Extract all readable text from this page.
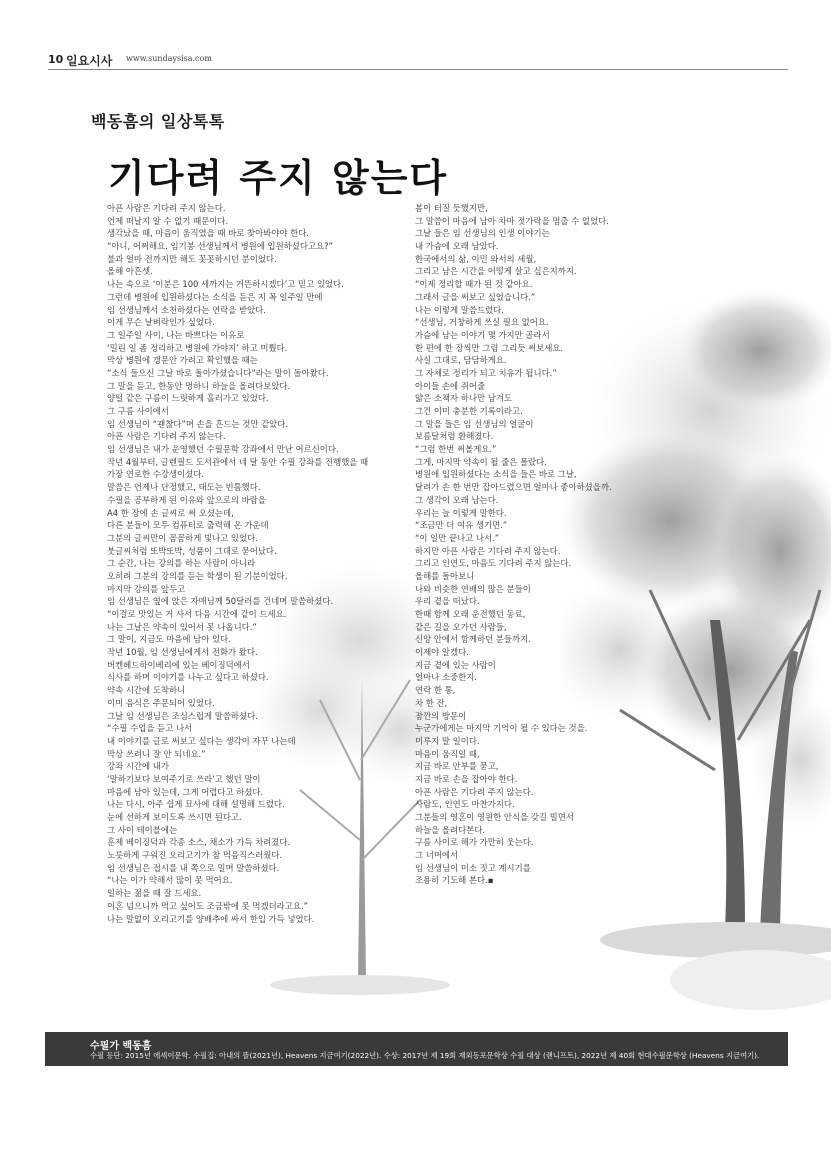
10 일요시사 www.sundaysisa.com
백동흠의 일상톡톡
기다려 주지 않는다
아픈 사람은 기다려 주지 않는다.
언제 떠날지 알 수 없기 때문이다.
생각났을 때, 마음이 움직였을 때 바로 찾아봐야야 한다.
“아니, 어쩌해요. 임기봉 선생님께서 병원에 입원하셨다고요?”
불과 얼마 전까지만 해도 꼿꼿하시던 분이었다.
올해 아흔셋.
나는 속으로 ‘이분은 100 세까지는 거뜬하시겠다’고 믿고 있었다.
그런데 병원에 입원하셨다는 소식을 듣은 지 꼭 일주일 만에
임 선생님께서 소천하셨다는 연락을 받았다.
이게 무슨 날벼락인가 싶었다.
그 일주일 사이, 나는 바쁘다는 이유로
‘밀린 일 좀 정리하고 병원에 가야지’ 하고 미뤘다.
막상 병원에 갱문안 가려고 확인했을 때는
“소식 들으신 그날 바로 돌아가셨습니다”라는 말이 돌아왔다.
그 말을 듣고, 한동안 멍하니 하늘을 올려다보았다.
양털 같은 구름이 느릿하게 흘러가고 있었다.
그 구름 사이에서
임 선생님이 “괜찮다”며 손을 흔드는 것만 같았다.
아픈 사람은 기다려 주지 않는다.
임 선생님은 내가 운영했던 수필문학 강좌에서 만난 어르신이다.
작년 4월부터, 글렌필드 도서관에서 네 달 동안 수필 강좌를 진행했을 때
가장 연로한 수강생이셨다.
말씀은 언제나 단정했고, 태도는 빈틈했다.
수필을 공부하게 된 이유와 앞으로의 바람을
A4 한 장에 손 글씨로 써 오셨는데,
다른 분들이 모두 컴퓨터로 출력해 온 가운데
그분의 글씨만이 꼼꼼하게 빛나고 있었다.
붓글씨처럼 또박또박, 성품이 그대로 묻어났다.
그 순간, 나는 강의를 하는 사람이 아니라
오히려 그분의 강의를 듣는 학생이 된 기분이었다.
마지막 강의를 앞두고
임 선생님은 옆에 앉은 자매님께 50달러를 건네며 말씀하셨다.
“이걸로 맛있는 거 사서 다음 시간에 같이 드세요.
나는 그날은 약속이 있어서 못 나옵니다.”
그 말이, 지금도 마음에 남아 있다.
작년 10월, 임 선생님에게서 전화가 왔다.
버켄헤드하이베리에 있는 베이징덕에서
식사를 하며 이야기를 나누고 싶다고 하셨다.
약속 시간에 도착하니
이미 음식은 주문되어 있었다.
그날 임 선생님은 조심스럽게 말씀하셨다.
“수필 수업을 듣고 나서
내 이야기를 글로 써보고 싶다는 생각이 자꾸 나는데
막상 쓰려니 잘 안 되네요.”
강좌 시간에 내가
‘말하기보다 보여주기로 쓰라’고 했던 말이
마음에 남아 있는데, 그게 어렵다고 하셨다.
나는 다시, 아주 쉽게 묘사에 대해 설명해 드렸다.
눈에 선하게 보이도록 쓰시면 된다고.
그 사이 테이블에는
훈제 베이징덕과 각종 소스, 채소가 가득 차려졌다.
노릇하게 구워진 오리고기가 참 먹음직스러웠다.
임 선생님은 접시를 내 쪽으로 밀며 말씀하셨다.
“나는 이가 약해서 많이 못 먹어요.
일하는 젊을 때 잘 드세요.
이혼 넘으니까 먹고 싶어도 조금밖에 못 먹겠더라고요.”
나는 말없이 오리고기를 양배추에 싸서 한입 가득 넣었다.
봄이 터질 듯했지만,
그 말씀이 마음에 남아 차마 젓가락을 멈출 수 없었다.
그날 들은 임 선생님의 인생 이야기는
내 가슴에 오래 남았다.
한국에서의 삶, 이민 와서의 세월,
그리고 남은 시간을 어떻게 살고 싶은지까지.
“이제 정리할 때가 된 것 같아요.
그래서 글을 써보고 싶었습니다.”
나는 이렇게 말씀드렸다.
“선생님, 거창하게 쓰실 필요 없어요.
가슴에 남는 이야기 몇 가지만 골라서
한 편에 한 장씩만 그림 그리듯 써보세요.
사실 그대로, 담담하게요.
그 자체로 정리가 되고 치유가 됩니다.”
아이들 손에 쥐어줄
얇은 소책자 하나만 남겨도
그건 이미 충분한 기록이라고.
그 말을 들은 임 선생님의 얼굴이
보름달처럼 환해졌다.
“그럼 한번 써볼게요.”
그게, 마지막 약속이 될 줄은 몰랐다.
병원에 입원하셨다는 소식을 들은 바로 그날,
달려가 손 한 번만 잡아드렸으면 얼마나 좋아하셨을까.
그 생각이 오래 남는다.
우리는 늘 이렇게 말한다.
“조금만 더 여유 생기면.”
“이 일만 끝나고 나서.”
하지만 아픈 사람은 기다려 주지 않는다.
그리고 인연도, 마음도 기다려 주지 않는다.
올해를 돌아보니
나와 비슷한 연배의 많은 분들이
우리 곁을 떠났다.
한때 함께 오래 운전했던 동료,
같은 길을 오가던 사람들,
신앙 안에서 함께하던 분들까지.
이제야 알겠다.
지금 곁에 있는 사람이
얼마나 소중한지.
연락 한 통,
차 한 잔,
잠깐의 방문이
누군가에게는 마지막 기억이 될 수 있다는 것을.
미루지 말 일이다.
마음이 움직일 때,
지금 바로 안부를 묻고,
지금 바로 손을 잡아야 한다.
아픈 사람은 기다려 주지 않는다.
사람도, 인연도 마찬가지다.
그분들의 영혼이 영원한 안식을 갖길 빌면서
하늘을 올려다본다.
구름 사이로 해가 가만히 웃는다.
그 너머에서
임 선생님이 미소 짓고 계시기를
조용히 기도해 본다.▪
수필가 백동흠
수필 등단: 2015년 에세이문학. 수필집: 아내의 뜰(2021년), Heavens 지금여기(2022년). 수상: 2017년 제 19회 재외동포문학상 수필 대상 (랜니프트), 2022년 제 40회 현대수필문학상 (Heavens 지금여기).
